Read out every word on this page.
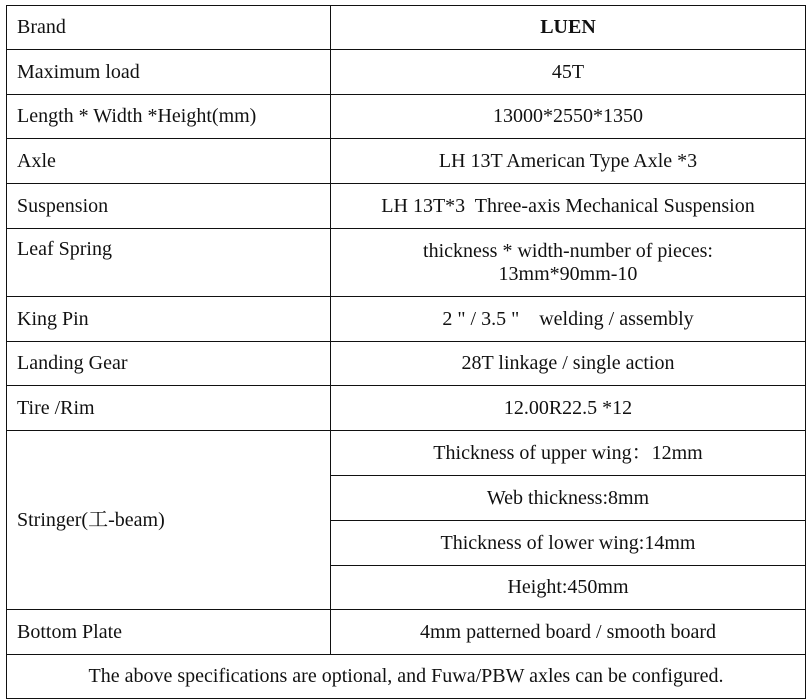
Brand	LUEN
Maximum load	45T
Length * Width *Height(mm)	13000*2550*1350
Axle	LH 13T American Type Axle *3
Suspension	LH 13T*3  Three-axis Mechanical Suspension
Leaf Spring	thickness * width-number of pieces:
13mm*90mm-10

King Pin	2 " / 3.5 "    welding / assembly
Landing Gear	28T linkage / single action
Tire /Rim	12.00R22.5 *12
Stringer(工-beam)	Thickness of upper wing：12mm
	Web thickness:8mm
	Thickness of lower wing:14mm
	Height:450mm
Bottom Plate	4mm patterned board / smooth board
The above specifications are optional, and Fuwa/PBW axles can be configured.	
